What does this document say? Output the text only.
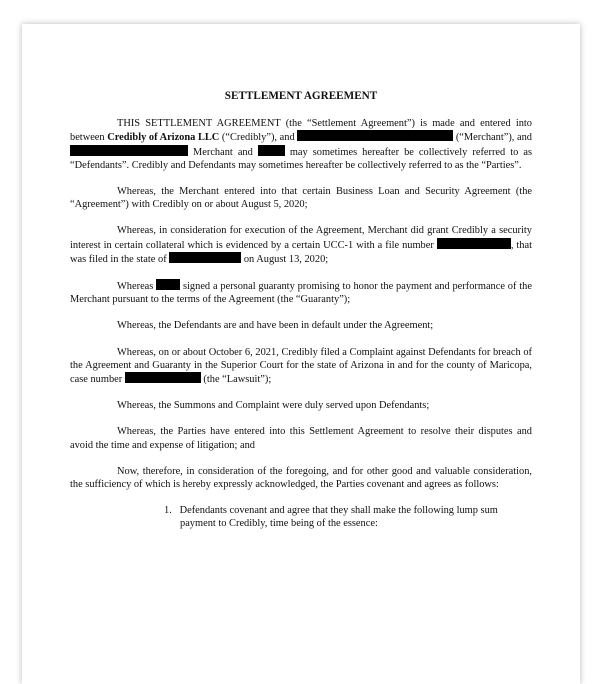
SETTLEMENT AGREEMENT

THIS SETTLEMENT AGREEMENT (the “Settlement Agreement”) is made and entered into between Credibly of Arizona LLC (“Credibly”), and	(“Merchant”), and  Merchant and	may sometimes hereafter be collectively referred to as “Defendants”. Credibly and Defendants may sometimes hereafter be collectively referred to as the “Parties”.

Whereas, the Merchant entered into that certain Business Loan and Security Agreement (the “Agreement”) with Credibly on or about August 5, 2020;

Whereas, in consideration for execution of the Agreement, Merchant did grant Credibly a security interest in certain collateral which is evidenced by a certain UCC-1 with a file number	, that was filed in the state of	on August 13, 2020;

Whereas  signed a personal guaranty promising to honor the payment and performance of the Merchant pursuant to the terms of the Agreement (the “Guaranty”);

Whereas, the Defendants are and have been in default under the Agreement;

Whereas, on or about October 6, 2021, Credibly filed a Complaint against Defendants for breach of the Agreement and Guaranty in the Superior Court for the state of Arizona in and for the county of Maricopa, case number	(the “Lawsuit”);

Whereas, the Summons and Complaint were duly served upon Defendants;

Whereas, the Parties have entered into this Settlement Agreement to resolve their disputes and avoid the time and expense of litigation; and

Now, therefore, in consideration of the foregoing, and for other good and valuable consideration, the sufficiency of which is hereby expressly acknowledged, the Parties covenant and agrees as follows:

1. Defendants covenant and agree that they shall make the following lump sum payment to Credibly, time being of the essence:
